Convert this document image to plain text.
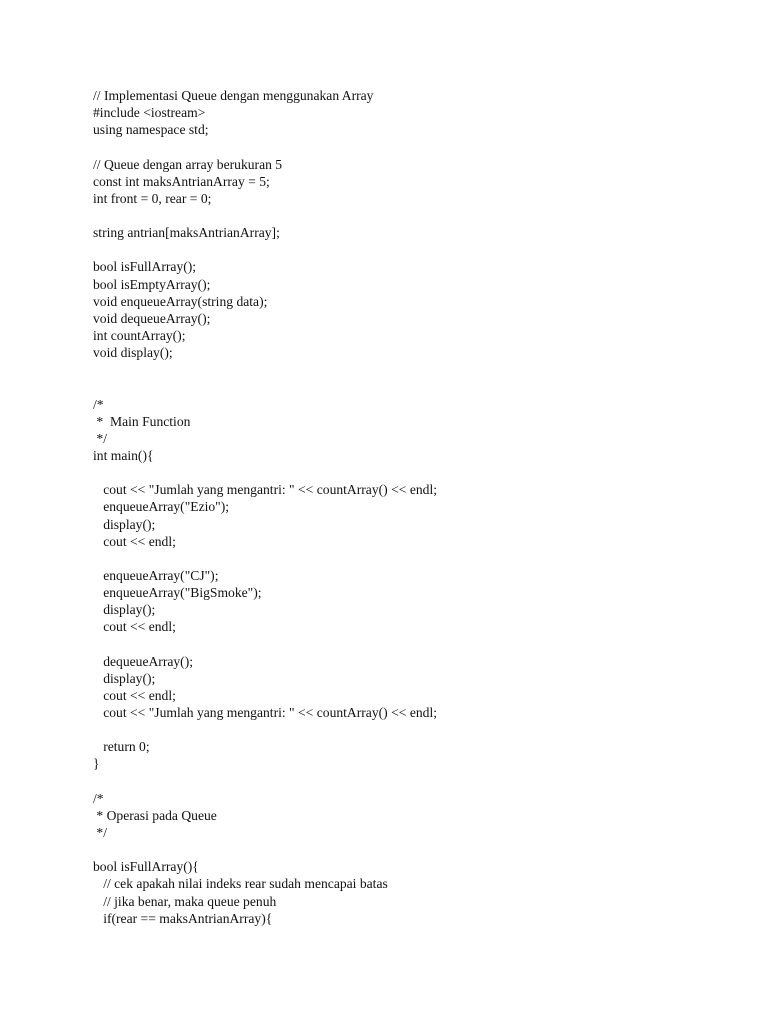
// Implementasi Queue dengan menggunakan Array
#include <iostream>
using namespace std;
// Queue dengan array berukuran 5
const int maksAntrianArray = 5;
int front = 0, rear = 0;
string antrian[maksAntrianArray];
bool isFullArray();
bool isEmptyArray();
void enqueueArray(string data);
void dequeueArray();
int countArray();
void display();
/*
*  Main Function
*/
int main(){
cout << "Jumlah yang mengantri: " << countArray() << endl;
enqueueArray("Ezio");
display();
cout << endl;
enqueueArray("CJ");
enqueueArray("BigSmoke");
display();
cout << endl;
dequeueArray();
display();
cout << endl;
cout << "Jumlah yang mengantri: " << countArray() << endl;
return 0;
}
/*
* Operasi pada Queue
*/
bool isFullArray(){
// cek apakah nilai indeks rear sudah mencapai batas
// jika benar, maka queue penuh
if(rear == maksAntrianArray){
